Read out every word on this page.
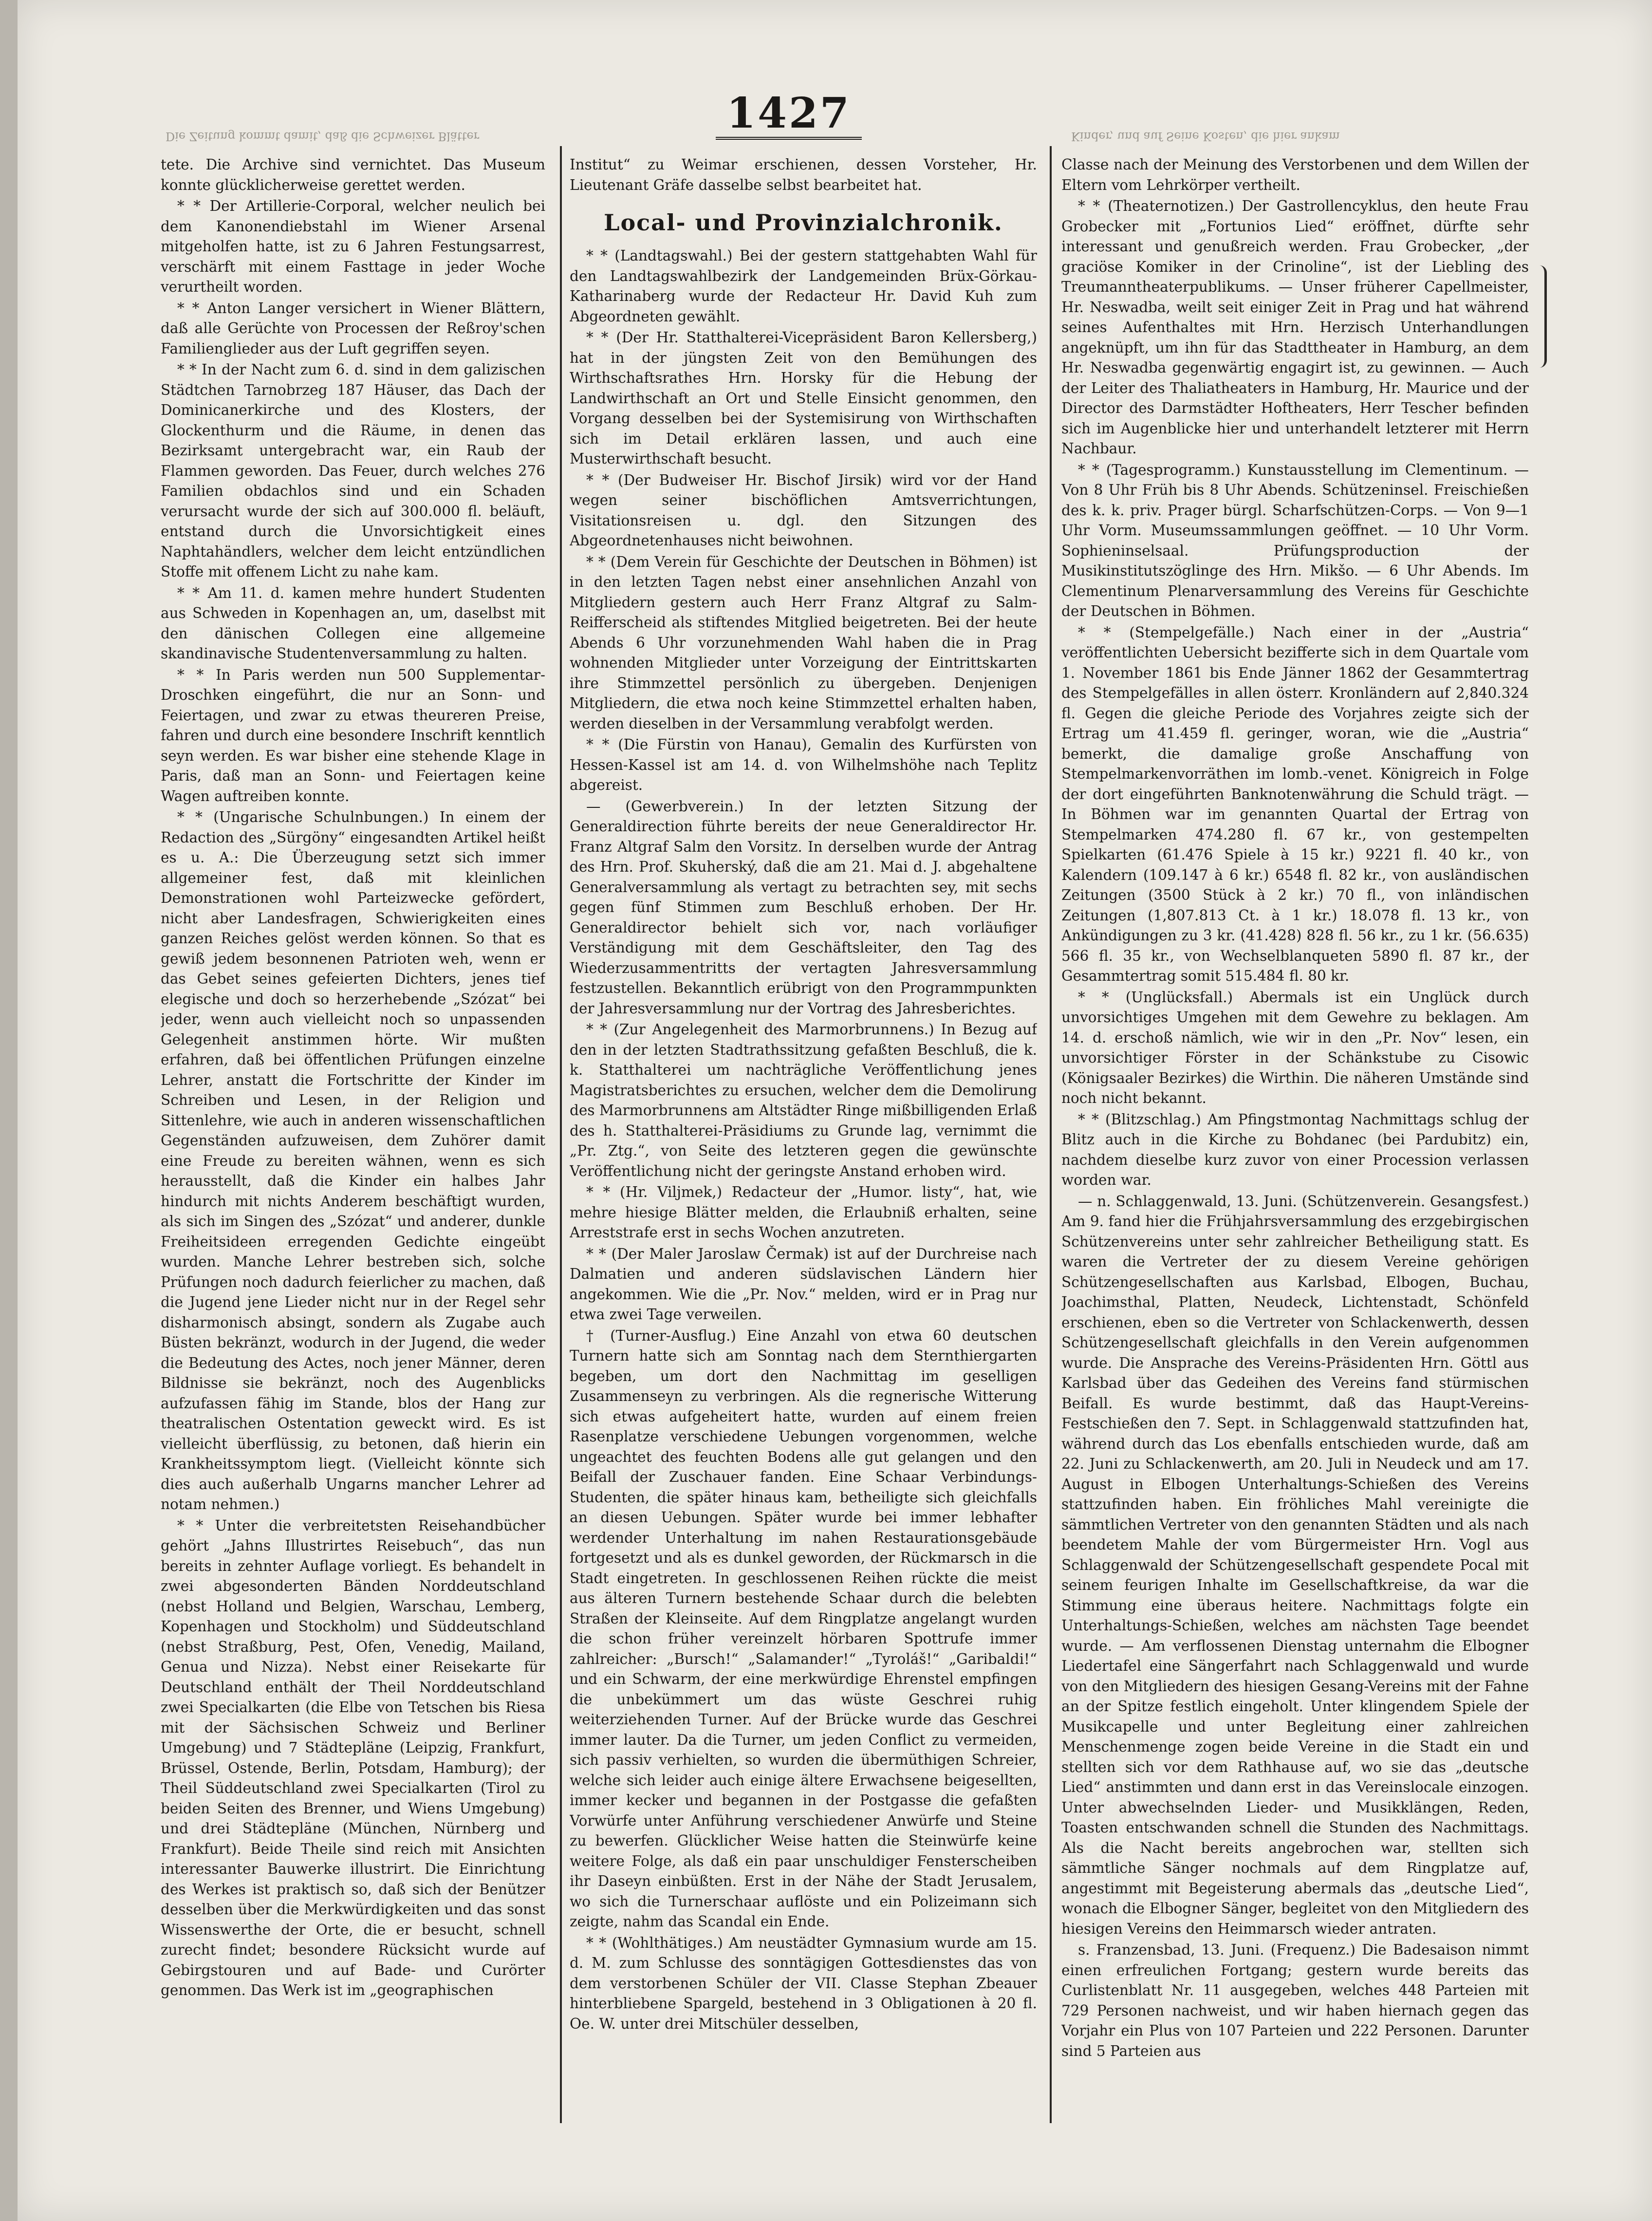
Die Zeitung kommt damit, daß die Schweizer Blätter	Kinder, und auf Seine Kosten, die hier ankam
1427

tete. Die Archive sind vernichtet. Das Museum konnte glücklicherweise gerettet werden.

* * Der Artillerie-Corporal, welcher neulich bei dem Kanonendiebstahl im Wiener Arsenal mitgeholfen hatte, ist zu 6 Jahren Festungsarrest, verschärft mit einem Fasttage in jeder Woche verurtheilt worden.

* * Anton Langer versichert in Wiener Blättern, daß alle Gerüchte von Processen der Reßroy'schen Familienglieder aus der Luft gegriffen seyen.

* * In der Nacht zum 6. d. sind in dem galizischen Städtchen Tarnobrzeg 187 Häuser, das Dach der Dominicanerkirche und des Klosters, der Glockenthurm und die Räume, in denen das Bezirksamt untergebracht war, ein Raub der Flammen geworden. Das Feuer, durch welches 276 Familien obdachlos sind und ein Schaden verursacht wurde der sich auf 300.000 fl. beläuft, entstand durch die Unvorsichtigkeit eines Naphtahändlers, welcher dem leicht entzündlichen Stoffe mit offenem Licht zu nahe kam.

* * Am 11. d. kamen mehre hundert Studenten aus Schweden in Kopenhagen an, um, daselbst mit den dänischen Collegen eine allgemeine skandinavische Studentenversammlung zu halten.

* * In Paris werden nun 500 Supplementar-Droschken eingeführt, die nur an Sonn- und Feiertagen, und zwar zu etwas theureren Preise, fahren und durch eine besondere Inschrift kenntlich seyn werden. Es war bisher eine stehende Klage in Paris, daß man an Sonn- und Feiertagen keine Wagen auftreiben konnte.

* * (Ungarische Schulnbungen.) In einem der Redaction des „Sürgöny“ eingesandten Artikel heißt es u. A.: Die Überzeugung setzt sich immer allgemeiner fest, daß mit kleinlichen Demonstrationen wohl Parteizwecke gefördert, nicht aber Landesfragen, Schwierigkeiten eines ganzen Reiches gelöst werden können. So that es gewiß jedem besonnenen Patrioten weh, wenn er das Gebet seines gefeierten Dichters, jenes tief elegische und doch so herzerhebende „Szózat“ bei jeder, wenn auch vielleicht noch so unpassenden Gelegenheit anstimmen hörte. Wir mußten erfahren, daß bei öffentlichen Prüfungen einzelne Lehrer, anstatt die Fortschritte der Kinder im Schreiben und Lesen, in der Religion und Sittenlehre, wie auch in anderen wissenschaftlichen Gegenständen aufzuweisen, dem Zuhörer damit eine Freude zu bereiten wähnen, wenn es sich herausstellt, daß die Kinder ein halbes Jahr hindurch mit nichts Anderem beschäftigt wurden, als sich im Singen des „Szózat“ und anderer, dunkle Freiheitsideen erregenden Gedichte eingeübt wurden. Manche Lehrer bestreben sich, solche Prüfungen noch dadurch feierlicher zu machen, daß die Jugend jene Lieder nicht nur in der Regel sehr disharmonisch absingt, sondern als Zugabe auch Büsten bekränzt, wodurch in der Jugend, die weder die Bedeutung des Actes, noch jener Männer, deren Bildnisse sie bekränzt, noch des Augenblicks aufzufassen fähig im Stande, blos der Hang zur theatralischen Ostentation geweckt wird. Es ist vielleicht überflüssig, zu betonen, daß hierin ein Krankheitssymptom liegt. (Vielleicht könnte sich dies auch außerhalb Ungarns mancher Lehrer ad notam nehmen.)

* * Unter die verbreitetsten Reisehandbücher gehört „Jahns Illustrirtes Reisebuch“, das nun bereits in zehnter Auflage vorliegt. Es behandelt in zwei abgesonderten Bänden Norddeutschland (nebst Holland und Belgien, Warschau, Lemberg, Kopenhagen und Stockholm) und Süddeutschland (nebst Straßburg, Pest, Ofen, Venedig, Mailand, Genua und Nizza). Nebst einer Reisekarte für Deutschland enthält der Theil Norddeutschland zwei Specialkarten (die Elbe von Tetschen bis Riesa mit der Sächsischen Schweiz und Berliner Umgebung) und 7 Städtepläne (Leipzig, Frankfurt, Brüssel, Ostende, Berlin, Potsdam, Hamburg); der Theil Süddeutschland zwei Specialkarten (Tirol zu beiden Seiten des Brenner, und Wiens Umgebung) und drei Städtepläne (München, Nürnberg und Frankfurt). Beide Theile sind reich mit Ansichten interessanter Bauwerke illustrirt. Die Einrichtung des Werkes ist praktisch so, daß sich der Benützer desselben über die Merkwürdigkeiten und das sonst Wissenswerthe der Orte, die er besucht, schnell zurecht findet; besondere Rücksicht wurde auf Gebirgstouren und auf Bade- und Curörter genommen. Das Werk ist im „geographischen

Institut“ zu Weimar erschienen, dessen Vorsteher, Hr. Lieutenant Gräfe dasselbe selbst bearbeitet hat.

Local- und Provinzialchronik.

* * (Landtagswahl.) Bei der gestern stattgehabten Wahl für den Landtagswahlbezirk der Landgemeinden Brüx-Görkau-Katharinaberg wurde der Redacteur Hr. David Kuh zum Abgeordneten gewählt.

* * (Der Hr. Statthalterei-Vicepräsident Baron Kellersberg,) hat in der jüngsten Zeit von den Bemühungen des Wirthschaftsrathes Hrn. Horsky für die Hebung der Landwirthschaft an Ort und Stelle Einsicht genommen, den Vorgang desselben bei der Systemisirung von Wirthschaften sich im Detail erklären lassen, und auch eine Musterwirthschaft besucht.

* * (Der Budweiser Hr. Bischof Jirsik) wird vor der Hand wegen seiner bischöflichen Amtsverrichtungen, Visitationsreisen u. dgl. den Sitzungen des Abgeordnetenhauses nicht beiwohnen.

* * (Dem Verein für Geschichte der Deutschen in Böhmen) ist in den letzten Tagen nebst einer ansehnlichen Anzahl von Mitgliedern gestern auch Herr Franz Altgraf zu Salm-Reifferscheid als stiftendes Mitglied beigetreten. Bei der heute Abends 6 Uhr vorzunehmenden Wahl haben die in Prag wohnenden Mitglieder unter Vorzeigung der Eintrittskarten ihre Stimmzettel persönlich zu übergeben. Denjenigen Mitgliedern, die etwa noch keine Stimmzettel erhalten haben, werden dieselben in der Versammlung verabfolgt werden.

* * (Die Fürstin von Hanau), Gemalin des Kurfürsten von Hessen-Kassel ist am 14. d. von Wilhelmshöhe nach Teplitz abgereist.

— (Gewerbverein.) In der letzten Sitzung der Generaldirection führte bereits der neue Generaldirector Hr. Franz Altgraf Salm den Vorsitz. In derselben wurde der Antrag des Hrn. Prof. Skuherský, daß die am 21. Mai d. J. abgehaltene Generalversammlung als vertagt zu betrachten sey, mit sechs gegen fünf Stimmen zum Beschluß erhoben. Der Hr. Generaldirector behielt sich vor, nach vorläufiger Verständigung mit dem Geschäftsleiter, den Tag des Wiederzusammentritts der vertagten Jahresversammlung festzustellen. Bekanntlich erübrigt von den Programmpunkten der Jahresversammlung nur der Vortrag des Jahresberichtes.

* * (Zur Angelegenheit des Marmorbrunnens.) In Bezug auf den in der letzten Stadtrathssitzung gefaßten Beschluß, die k. k. Statthalterei um nachträgliche Veröffentlichung jenes Magistratsberichtes zu ersuchen, welcher dem die Demolirung des Marmorbrunnens am Altstädter Ringe mißbilligenden Erlaß des h. Statthalterei-Präsidiums zu Grunde lag, vernimmt die „Pr. Ztg.“, von Seite des letzteren gegen die gewünschte Veröffentlichung nicht der geringste Anstand erhoben wird.

* * (Hr. Viljmek,) Redacteur der „Humor. listy“, hat, wie mehre hiesige Blätter melden, die Erlaubniß erhalten, seine Arreststrafe erst in sechs Wochen anzutreten.

* * (Der Maler Jaroslaw Čermak) ist auf der Durchreise nach Dalmatien und anderen südslavischen Ländern hier angekommen. Wie die „Pr. Nov.“ melden, wird er in Prag nur etwa zwei Tage verweilen.

† (Turner-Ausflug.) Eine Anzahl von etwa 60 deutschen Turnern hatte sich am Sonntag nach dem Sternthiergarten begeben, um dort den Nachmittag im geselligen Zusammenseyn zu verbringen. Als die regnerische Witterung sich etwas aufgeheitert hatte, wurden auf einem freien Rasenplatze verschiedene Uebungen vorgenommen, welche ungeachtet des feuchten Bodens alle gut gelangen und den Beifall der Zuschauer fanden. Eine Schaar Verbindungs-Studenten, die später hinaus kam, betheiligte sich gleichfalls an diesen Uebungen. Später wurde bei immer lebhafter werdender Unterhaltung im nahen Restaurationsgebäude fortgesetzt und als es dunkel geworden, der Rückmarsch in die Stadt eingetreten. In geschlossenen Reihen rückte die meist aus älteren Turnern bestehende Schaar durch die belebten Straßen der Kleinseite. Auf dem Ringplatze angelangt wurden die schon früher vereinzelt hörbaren Spottrufe immer zahlreicher: „Bursch!“ „Salamander!“ „Tyroláš!“ „Garibaldi!“ und ein Schwarm, der eine merkwürdige Ehrenstel empfingen die unbekümmert um das wüste Geschrei ruhig weiterziehenden Turner. Auf der Brücke wurde das Geschrei immer lauter. Da die Turner, um jeden Conflict zu vermeiden, sich passiv verhielten, so wurden die übermüthigen Schreier, welche sich leider auch einige ältere Erwachsene beigesellten, immer kecker und begannen in der Postgasse die gefaßten Vorwürfe unter Anführung verschiedener Anwürfe und Steine zu bewerfen. Glücklicher Weise hatten die Steinwürfe keine weitere Folge, als daß ein paar unschuldiger Fensterscheiben ihr Daseyn einbüßten. Erst in der Nähe der Stadt Jerusalem, wo sich die Turnerschaar auflöste und ein Polizeimann sich zeigte, nahm das Scandal ein Ende.

* * (Wohlthätiges.) Am neustädter Gymnasium wurde am 15. d. M. zum Schlusse des sonntägigen Gottesdienstes das von dem verstorbenen Schüler der VII. Classe Stephan Zbeauer hinterbliebene Spargeld, bestehend in 3 Obligationen à 20 fl. Oe. W. unter drei Mitschüler desselben,

Classe nach der Meinung des Verstorbenen und dem Willen der Eltern vom Lehrkörper vertheilt.

* * (Theaternotizen.) Der Gastrollencyklus, den heute Frau Grobecker mit „Fortunios Lied“ eröffnet, dürfte sehr interessant und genußreich werden. Frau Grobecker, „der graciöse Komiker in der Crinoline“, ist der Liebling des Treumanntheaterpublikums. — Unser früherer Capellmeister, Hr. Neswadba, weilt seit einiger Zeit in Prag und hat während seines Aufenthaltes mit Hrn. Herzisch Unterhandlungen angeknüpft, um ihn für das Stadttheater in Hamburg, an dem Hr. Neswadba gegenwärtig engagirt ist, zu gewinnen. — Auch der Leiter des Thaliatheaters in Hamburg, Hr. Maurice und der Director des Darmstädter Hoftheaters, Herr Tescher befinden sich im Augenblicke hier und unterhandelt letzterer mit Herrn Nachbaur.

* * (Tagesprogramm.) Kunstausstellung im Clementinum. — Von 8 Uhr Früh bis 8 Uhr Abends. Schützeninsel. Freischießen des k. k. priv. Prager bürgl. Scharfschützen-Corps. — Von 9—1 Uhr Vorm. Museumssammlungen geöffnet. — 10 Uhr Vorm. Sophieninselsaal. Prüfungsproduction der Musikinstitutszöglinge des Hrn. Mikšo. — 6 Uhr Abends. Im Clementinum Plenarversammlung des Vereins für Geschichte der Deutschen in Böhmen.

* * (Stempelgefälle.) Nach einer in der „Austria“ veröffentlichten Uebersicht bezifferte sich in dem Quartale vom 1. November 1861 bis Ende Jänner 1862 der Gesammtertrag des Stempelgefälles in allen österr. Kronländern auf 2,840.324 fl. Gegen die gleiche Periode des Vorjahres zeigte sich der Ertrag um 41.459 fl. geringer, woran, wie die „Austria“ bemerkt, die damalige große Anschaffung von Stempelmarkenvorräthen im lomb.-venet. Königreich in Folge der dort eingeführten Banknotenwährung die Schuld trägt. — In Böhmen war im genannten Quartal der Ertrag von Stempelmarken 474.280 fl. 67 kr., von gestempelten Spielkarten (61.476 Spiele à 15 kr.) 9221 fl. 40 kr., von Kalendern (109.147 à 6 kr.) 6548 fl. 82 kr., von ausländischen Zeitungen (3500 Stück à 2 kr.) 70 fl., von inländischen Zeitungen (1,807.813 Ct. à 1 kr.) 18.078 fl. 13 kr., von Ankündigungen zu 3 kr. (41.428) 828 fl. 56 kr., zu 1 kr. (56.635) 566 fl. 35 kr., von Wechselblanqueten 5890 fl. 87 kr., der Gesammtertrag somit 515.484 fl. 80 kr.

* * (Unglücksfall.) Abermals ist ein Unglück durch unvorsichtiges Umgehen mit dem Gewehre zu beklagen. Am 14. d. erschoß nämlich, wie wir in den „Pr. Nov“ lesen, ein unvorsichtiger Förster in der Schänkstube zu Cisowic (Königsaaler Bezirkes) die Wirthin. Die näheren Umstände sind noch nicht bekannt.

* * (Blitzschlag.) Am Pfingstmontag Nachmittags schlug der Blitz auch in die Kirche zu Bohdanec (bei Pardubitz) ein, nachdem dieselbe kurz zuvor von einer Procession verlassen worden war.

— n. Schlaggenwald, 13. Juni. (Schützenverein. Gesangsfest.) Am 9. fand hier die Frühjahrsversammlung des erzgebirgischen Schützenvereins unter sehr zahlreicher Betheiligung statt. Es waren die Vertreter der zu diesem Vereine gehörigen Schützengesellschaften aus Karlsbad, Elbogen, Buchau, Joachimsthal, Platten, Neudeck, Lichtenstadt, Schönfeld erschienen, eben so die Vertreter von Schlackenwerth, dessen Schützengesellschaft gleichfalls in den Verein aufgenommen wurde. Die Ansprache des Vereins-Präsidenten Hrn. Göttl aus Karlsbad über das Gedeihen des Vereins fand stürmischen Beifall. Es wurde bestimmt, daß das Haupt-Vereins-Festschießen den 7. Sept. in Schlaggenwald stattzufinden hat, während durch das Los ebenfalls entschieden wurde, daß am 22. Juni zu Schlackenwerth, am 20. Juli in Neudeck und am 17. August in Elbogen Unterhaltungs-Schießen des Vereins stattzufinden haben. Ein fröhliches Mahl vereinigte die sämmtlichen Vertreter von den genannten Städten und als nach beendetem Mahle der vom Bürgermeister Hrn. Vogl aus Schlaggenwald der Schützengesellschaft gespendete Pocal mit seinem feurigen Inhalte im Gesellschaftkreise, da war die Stimmung eine überaus heitere. Nachmittags folgte ein Unterhaltungs-Schießen, welches am nächsten Tage beendet wurde. — Am verflossenen Dienstag unternahm die Elbogner Liedertafel eine Sängerfahrt nach Schlaggenwald und wurde von den Mitgliedern des hiesigen Gesang-Vereins mit der Fahne an der Spitze festlich eingeholt. Unter klingendem Spiele der Musikcapelle und unter Begleitung einer zahlreichen Menschenmenge zogen beide Vereine in die Stadt ein und stellten sich vor dem Rathhause auf, wo sie das „deutsche Lied“ anstimmten und dann erst in das Vereinslocale einzogen. Unter abwechselnden Lieder- und Musikklängen, Reden, Toasten entschwanden schnell die Stunden des Nachmittags. Als die Nacht bereits angebrochen war, stellten sich sämmtliche Sänger nochmals auf dem Ringplatze auf, angestimmt mit Begeisterung abermals das „deutsche Lied“, wonach die Elbogner Sänger, begleitet von den Mitgliedern des hiesigen Vereins den Heimmarsch wieder antraten.

s. Franzensbad, 13. Juni. (Frequenz.) Die Badesaison nimmt einen erfreulichen Fortgang; gestern wurde bereits das Curlistenblatt Nr. 11 ausgegeben, welches 448 Parteien mit 729 Personen nachweist, und wir haben hiernach gegen das Vorjahr ein Plus von 107 Parteien und 222 Personen. Darunter sind 5 Parteien aus
